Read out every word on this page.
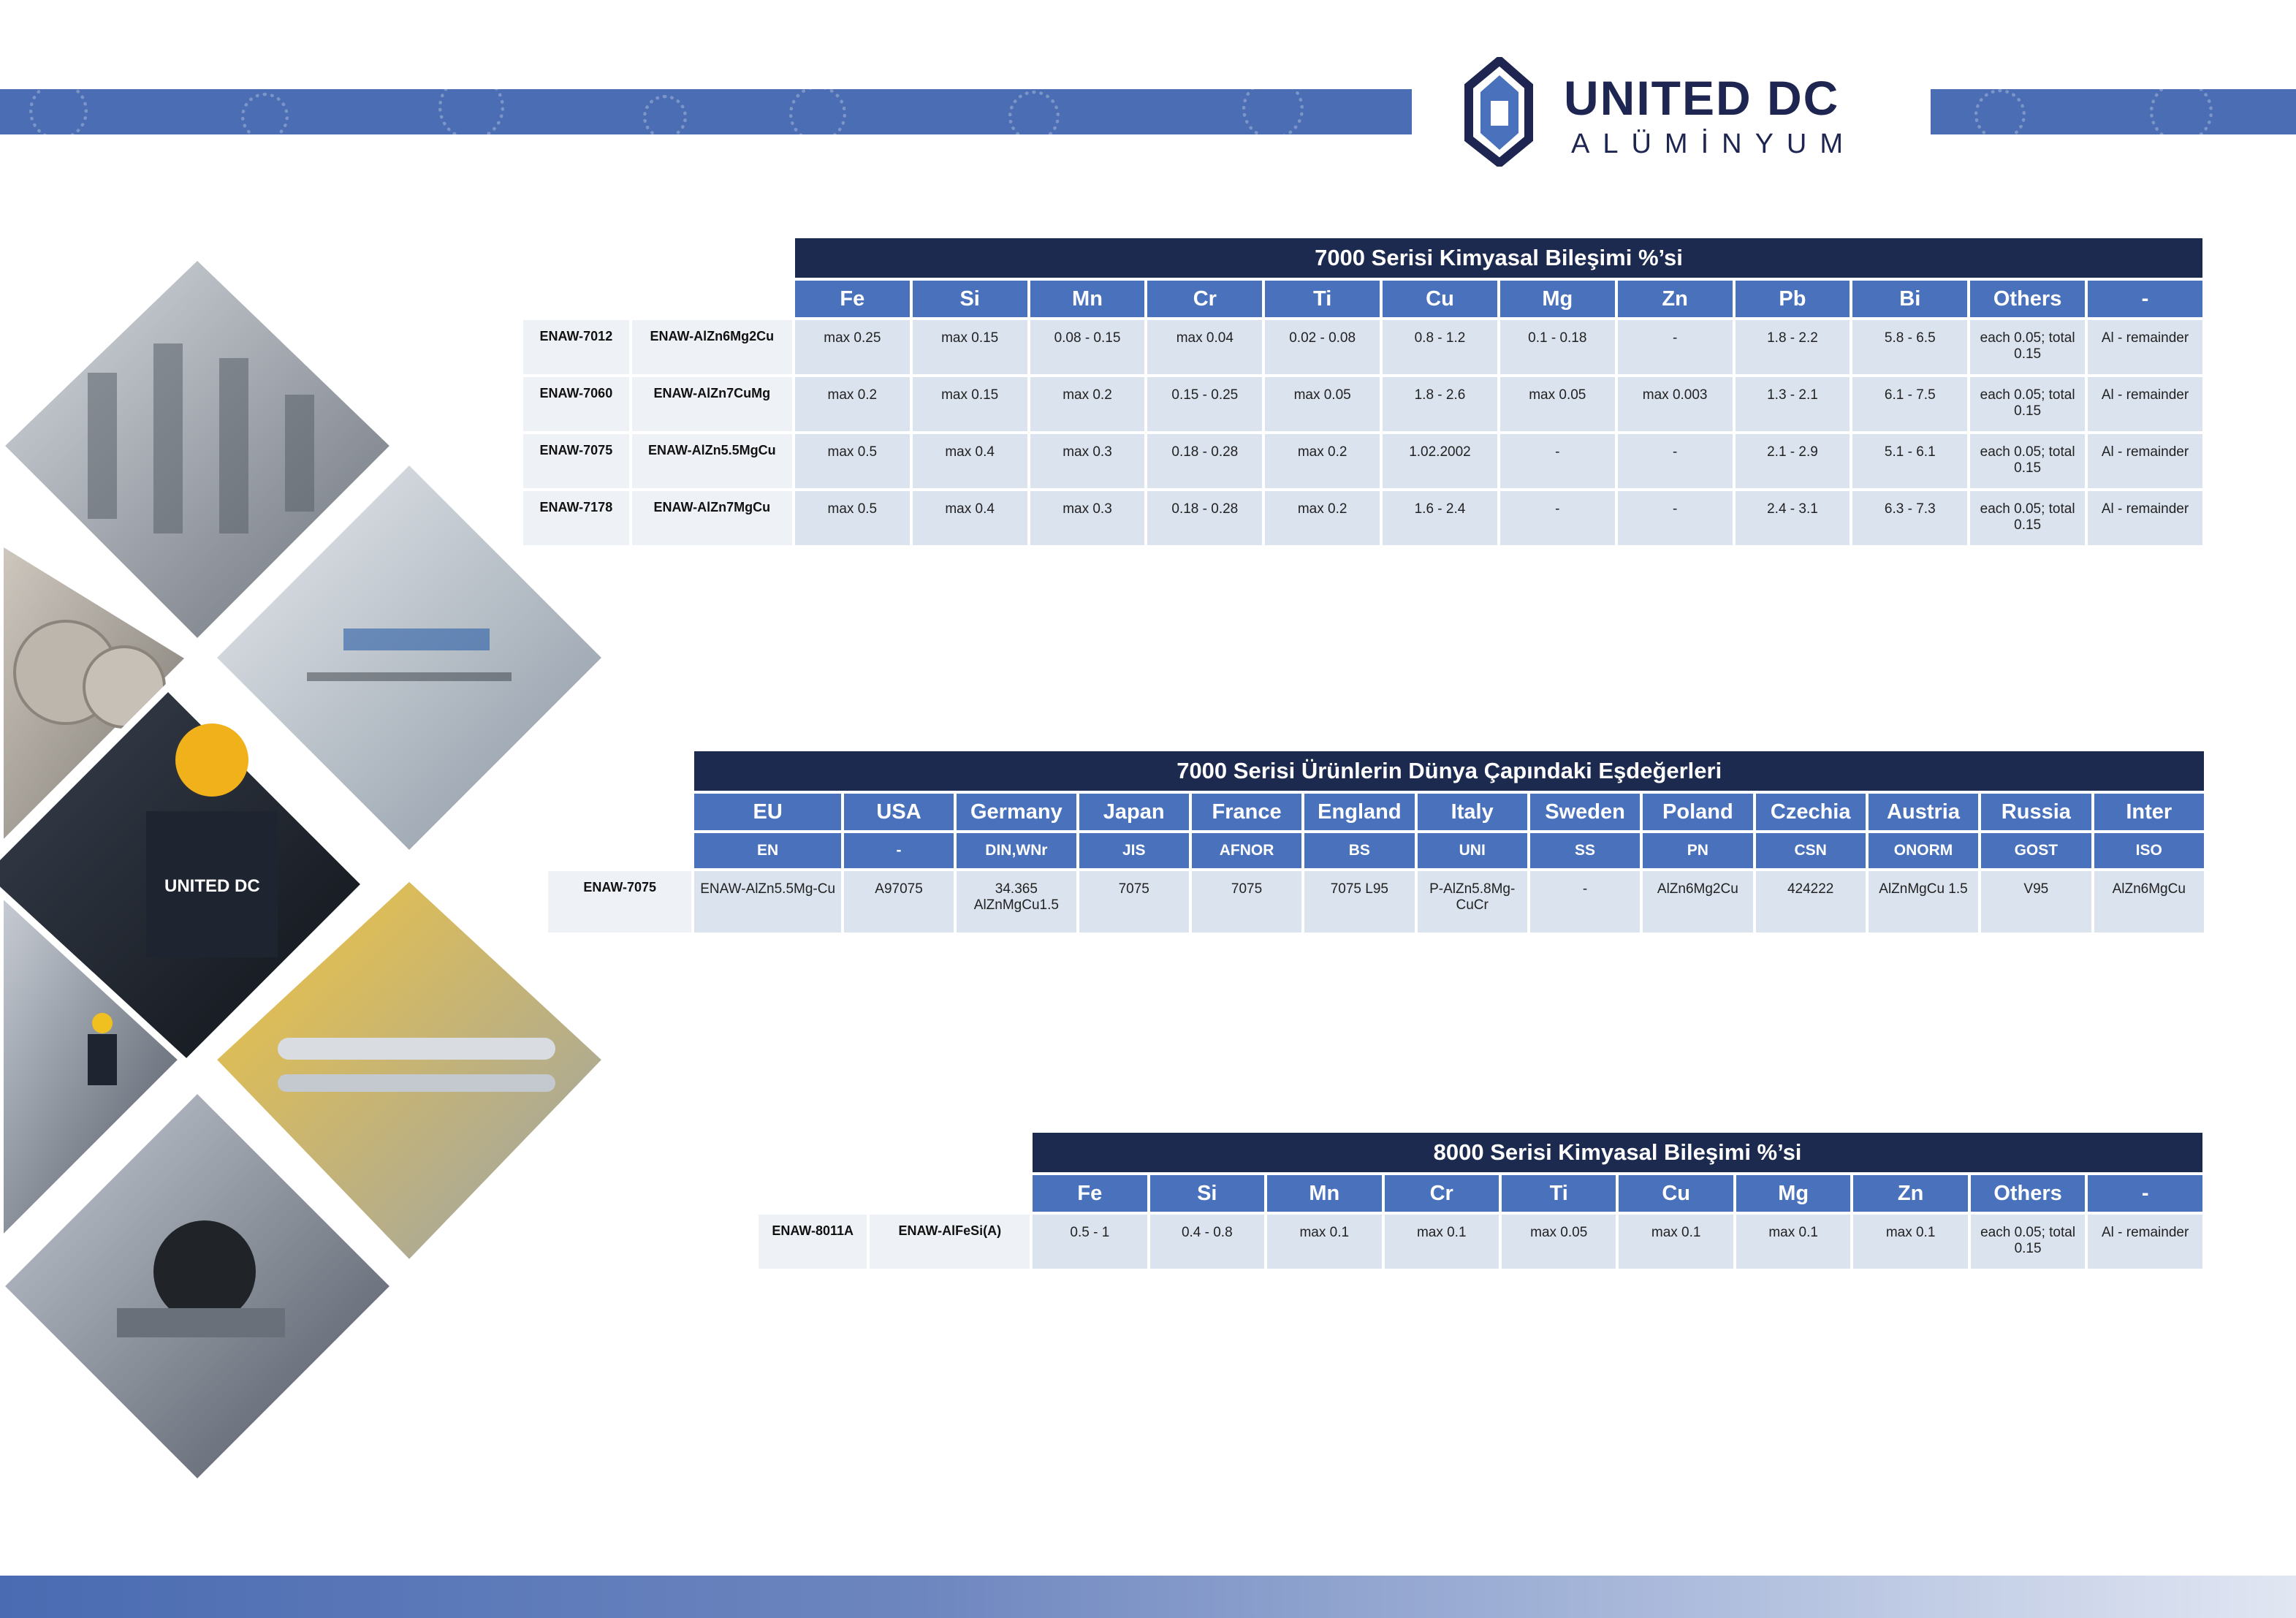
UNITED DC
ALÜMİNYUM
UNITED DC
		7000 Serisi Kimyasal Bileşimi %’si											
		Fe	Si	Mn	Cr	Ti	Cu	Mg	Zn	Pb	Bi	Others	-
ENAW-7012	ENAW-AlZn6Mg2Cu	max 0.25	max 0.15	0.08 - 0.15	max 0.04	0.02 - 0.08	0.8 - 1.2	0.1 - 0.18	-	1.8 - 2.2	5.8 - 6.5	each 0.05; total 0.15	Al - remainder
ENAW-7060	ENAW-AlZn7CuMg	max 0.2	max 0.15	max 0.2	0.15 - 0.25	max 0.05	1.8 - 2.6	max 0.05	max 0.003	1.3 - 2.1	6.1 - 7.5	each 0.05; total 0.15	Al - remainder
ENAW-7075	ENAW-AlZn5.5MgCu	max 0.5	max 0.4	max 0.3	0.18 - 0.28	max 0.2	1.02.2002	-	-	2.1 - 2.9	5.1 - 6.1	each 0.05; total 0.15	Al - remainder
ENAW-7178	ENAW-AlZn7MgCu	max 0.5	max 0.4	max 0.3	0.18 - 0.28	max 0.2	1.6 - 2.4	-	-	2.4 - 3.1	6.3 - 7.3	each 0.05; total 0.15	Al - remainder
	7000 Serisi Ürünlerin Dünya Çapındaki Eşdeğerleri												
	EU	USA	Germany	Japan	France	England	Italy	Sweden	Poland	Czechia	Austria	Russia	Inter
	EN	-	DIN,WNr	JIS	AFNOR	BS	UNI	SS	PN	CSN	ONORM	GOST	ISO
ENAW-7075	ENAW-AlZn5.5Mg-Cu	A97075	34.365 AlZnMgCu1.5	7075	7075	7075 L95	P-AlZn5.8Mg-CuCr	-	AlZn6Mg2Cu	424222	AlZnMgCu 1.5	V95	AlZn6MgCu
		8000 Serisi Kimyasal Bileşimi %’si									
		Fe	Si	Mn	Cr	Ti	Cu	Mg	Zn	Others	-
ENAW-8011A	ENAW-AlFeSi(A)	0.5 - 1	0.4 - 0.8	max 0.1	max 0.1	max 0.05	max 0.1	max 0.1	max 0.1	each 0.05; total 0.15	Al - remainder
